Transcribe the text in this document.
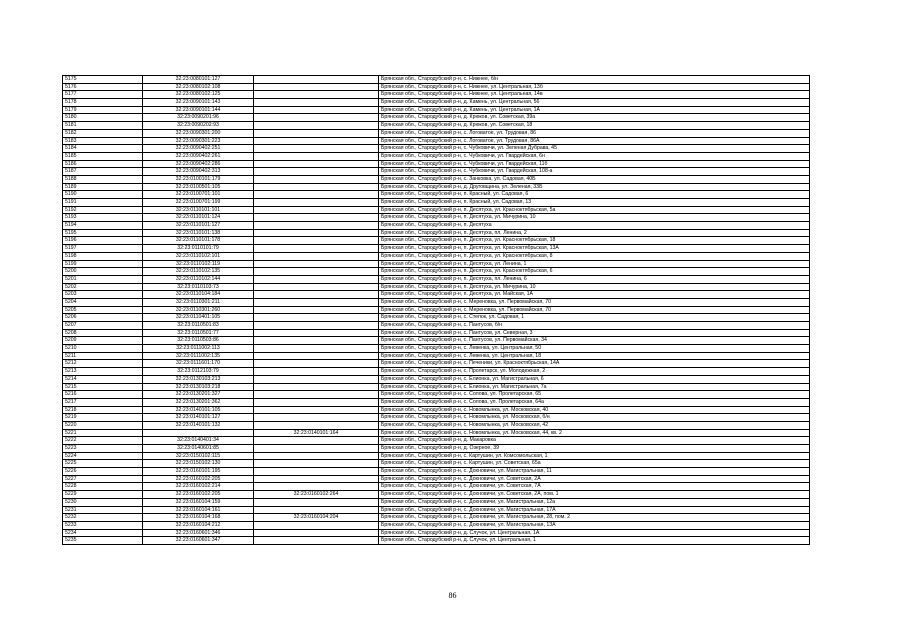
5175	32:23:0080101:127		Брянская обл., Стародубский р-н, с. Нижнее, б/н
5176	32:23:0080102:108		Брянская обл., Стародубский р-н, с. Нижнее, ул. Центральная, 13б
5177	32:23:0080102:125		Брянская обл., Стародубский р-н, с. Нижнее, ул. Центральная, 14в
5178	32:23:0090101:143		Брянская обл., Стародубский р-н, д. Камень, ул. Центральная, 56
5179	32:23:0090101:144		Брянская обл., Стародубский р-н, д. Камень, ул. Центральная, 1А
5180	32:23:0090201:96		Брянская обл., Стародубский р-н, д. Крюков, ул. Советская, 39а
5181	32:23:0090202:93		Брянская обл., Стародубский р-н, д. Крюков, ул. Советская, 18
5182	32:23:0090301:200		Брянская обл., Стародубский р-н, с. Логоватое, ул. Трудовая, 86
5183	32:23:0090301:223		Брянская обл., Стародубский р-н, с. Логоватое, ул. Трудовая, 86А
5184	32:23:0090402:251		Брянская обл., Стародубский р-н, с. Чубковичи, ул. Зеленая Дубрава, 45
5185	32:23:0090402:261		Брянская обл., Стародубский р-н, с. Чубковичи, ул. Гвардейская, 6н
5186	32:23:0090402:286		Брянская обл., Стародубский р-н, с. Чубковичи, ул. Гвардейская, 11б
5187	32:23:0090402:313		Брянская обл., Стародубский р-н, с. Чубковичи, ул. Гвардейская, 108-а
5188	32:23:0100101:179		Брянская обл., Стародубский р-н, с. Занковка, ул. Садовая, 40Б
5189	32:23:0100501:105		Брянская обл., Стародубский р-н, д. Друговщина, ул. Зеленая, 33Б
5190	32:23:0100701:101		Брянская обл., Стародубский р-н, п. Красный, ул. Садовая, 6
5191	32:23:0100701:199		Брянская обл., Стародубский р-н, п. Красный, ул. Садовая, 13
5192	32:23:0110101:101		Брянская обл., Стародубский р-н, п. Десятуха, ул. Красноктябрьская, 5а
5193	32:23:0110101:124		Брянская обл., Стародубский р-н, п. Десятуха, ул. Мичурина, 10
5194	32:23:0110101:127		Брянская обл., Стародубский р-н, п. Десятуха
5195	32:23:0110101:138		Брянская обл., Стародубский р-н, п. Десятуха, пл. Ленина, 2
5196	32:23:0110101:178		Брянская обл., Стародубский р-н, п. Десятуха, ул. Красноктябрьская, 18
5197	32:23:0110101:79		Брянская обл., Стародубский р-н, п. Десятуха, ул. Красноктябрьская, 13А
5198	32:23:0110102:101		Брянская обл., Стародубский р-н, п. Десятуха, ул. Красноктябрьская, 8
5199	32:23:0110102:119		Брянская обл., Стародубский р-н, п. Десятуха, ул. Ленина, 1
5200	32:23:0110102:135		Брянская обл., Стародубский р-н, п. Десятуха, ул. Красноктябрьская, 6
5201	32:23:0110102:144		Брянская обл., Стародубский р-н, п. Десятуха, пл. Ленина, 6
5202	32:23:0110103:73		Брянская обл., Стародубский р-н, п. Десятуха, ул. Мичурина, 10
5203	32:23:0110104:184		Брянская обл., Стародубский р-н, п. Десятуха, ул. Майская, 1А
5204	32:23:0110301:211		Брянская обл., Стародубский р-н, с. Мереновка, ул. Первомайская, 70
5205	32:23:0110301:260		Брянская обл., Стародубский р-н, с. Мереновка, ул. Первомайская, 70
5206	32:23:0110401:105		Брянская обл., Стародубский р-н, с. Степок, ул. Садовая, 1
5207	32:23:0110501:83		Брянская обл., Стародубский р-н, с. Пантусов, б/н
5208	32:23:0110501:77		Брянская обл., Стародубский р-н, с. Пантусов, ул. Северная, 3
5209	32:23:0110503:86		Брянская обл., Стародубский р-н, с. Пантусов, ул. Первомайская, 34
5210	32:23:0111002:113		Брянская обл., Стародубский р-н, с. Левенка, ул. Центральная, 50
5211	32:23:0111002:135		Брянская обл., Стародубский р-н, с. Левенка, ул. Центральная, 18
5212	32:23:0111601:170		Брянская обл., Стародубский р-н, с. Печеники, ул. Красноктябрьская, 14А
5213	32:23:0112103:79		Брянская обл., Стародубский р-н, с. Пролетарск, ул. Молодежная, 2
5214	32:23:0130103:213		Брянская обл., Стародубский р-н, с. Елионка, ул. Магистральная, 6
5215	32:23:0130103:218		Брянская обл., Стародубский р-н, с. Елионка, ул. Магистральная, 7а
5216	32:23:0130201:327		Брянская обл., Стародубский р-н, с. Солова, ул. Пролетарская, 65
5217	32:23:0130201:362		Брянская обл., Стародубский р-н, с. Солова, ул. Пролетарская, 64а
5218	32:23:0140101:105		Брянская обл., Стародубский р-н, с. Новомлынка, ул. Московская, 40
5219	32:23:0140101:127		Брянская обл., Стародубский р-н, с. Новомлынка, ул. Московская, б/н
5220	32:23:0140101:132		Брянская обл., Стародубский р-н, с. Новомлынка, ул. Московская, 42
5221		32:23:0140101:164	Брянская обл., Стародубский р-н, с. Новомлынка, ул. Московская, 44, кв. 2
5222	32:23:0140401:34		Брянская обл., Стародубский р-н, д. Макаровка
5223	32:23:0140601:85		Брянская обл., Стародубский р-н, д. Озерное, 39
5224	32:23:0150102:115		Брянская обл., Стародубский р-н, с. Картушин, ул. Комсомольская, 1
5225	32:23:0150102:130		Брянская обл., Стародубский р-н, с. Картушин, ул. Советская, 65а
5226	32:23:0160101:195		Брянская обл., Стародубский р-н, с. Дохновичи, ул. Магистральная, 11
5227	32:23:0160102:205		Брянская обл., Стародубский р-н, с. Дохновичи, ул. Советская, 2А
5228	32:23:0160102:214		Брянская обл., Стародубский р-н, с. Дохновичи, ул. Советская, 7А
5229	32:23:0160102:205	32:23:0160102:264	Брянская обл., Стародубский р-н, с. Дохновичи, ул. Советская, 2А, пом. 1
5230	32:23:0160104:159		Брянская обл., Стародубский р-н, с. Дохновичи, ул. Магистральная, 12а
5231	32:23:0160104:161		Брянская обл., Стародубский р-н, с. Дохновичи, ул. Магистральная, 17А
5232	32:23:0160104:168	32:23:0160104:204	Брянская обл., Стародубский р-н, с. Дохновичи, ул. Магистральная, 28, пом. 2
5233	32:23:0160104:212		Брянская обл., Стародубский р-н, с. Дохновичи, ул. Магистральная, 13А
5234	32:23:0160601:346		Брянская обл., Стародубский р-н, д. Случок, ул. Центральная, 1А
5235	32:23:0160601:347		Брянская обл., Стародубский р-н, д. Случок, ул. Центральная, 1
86
